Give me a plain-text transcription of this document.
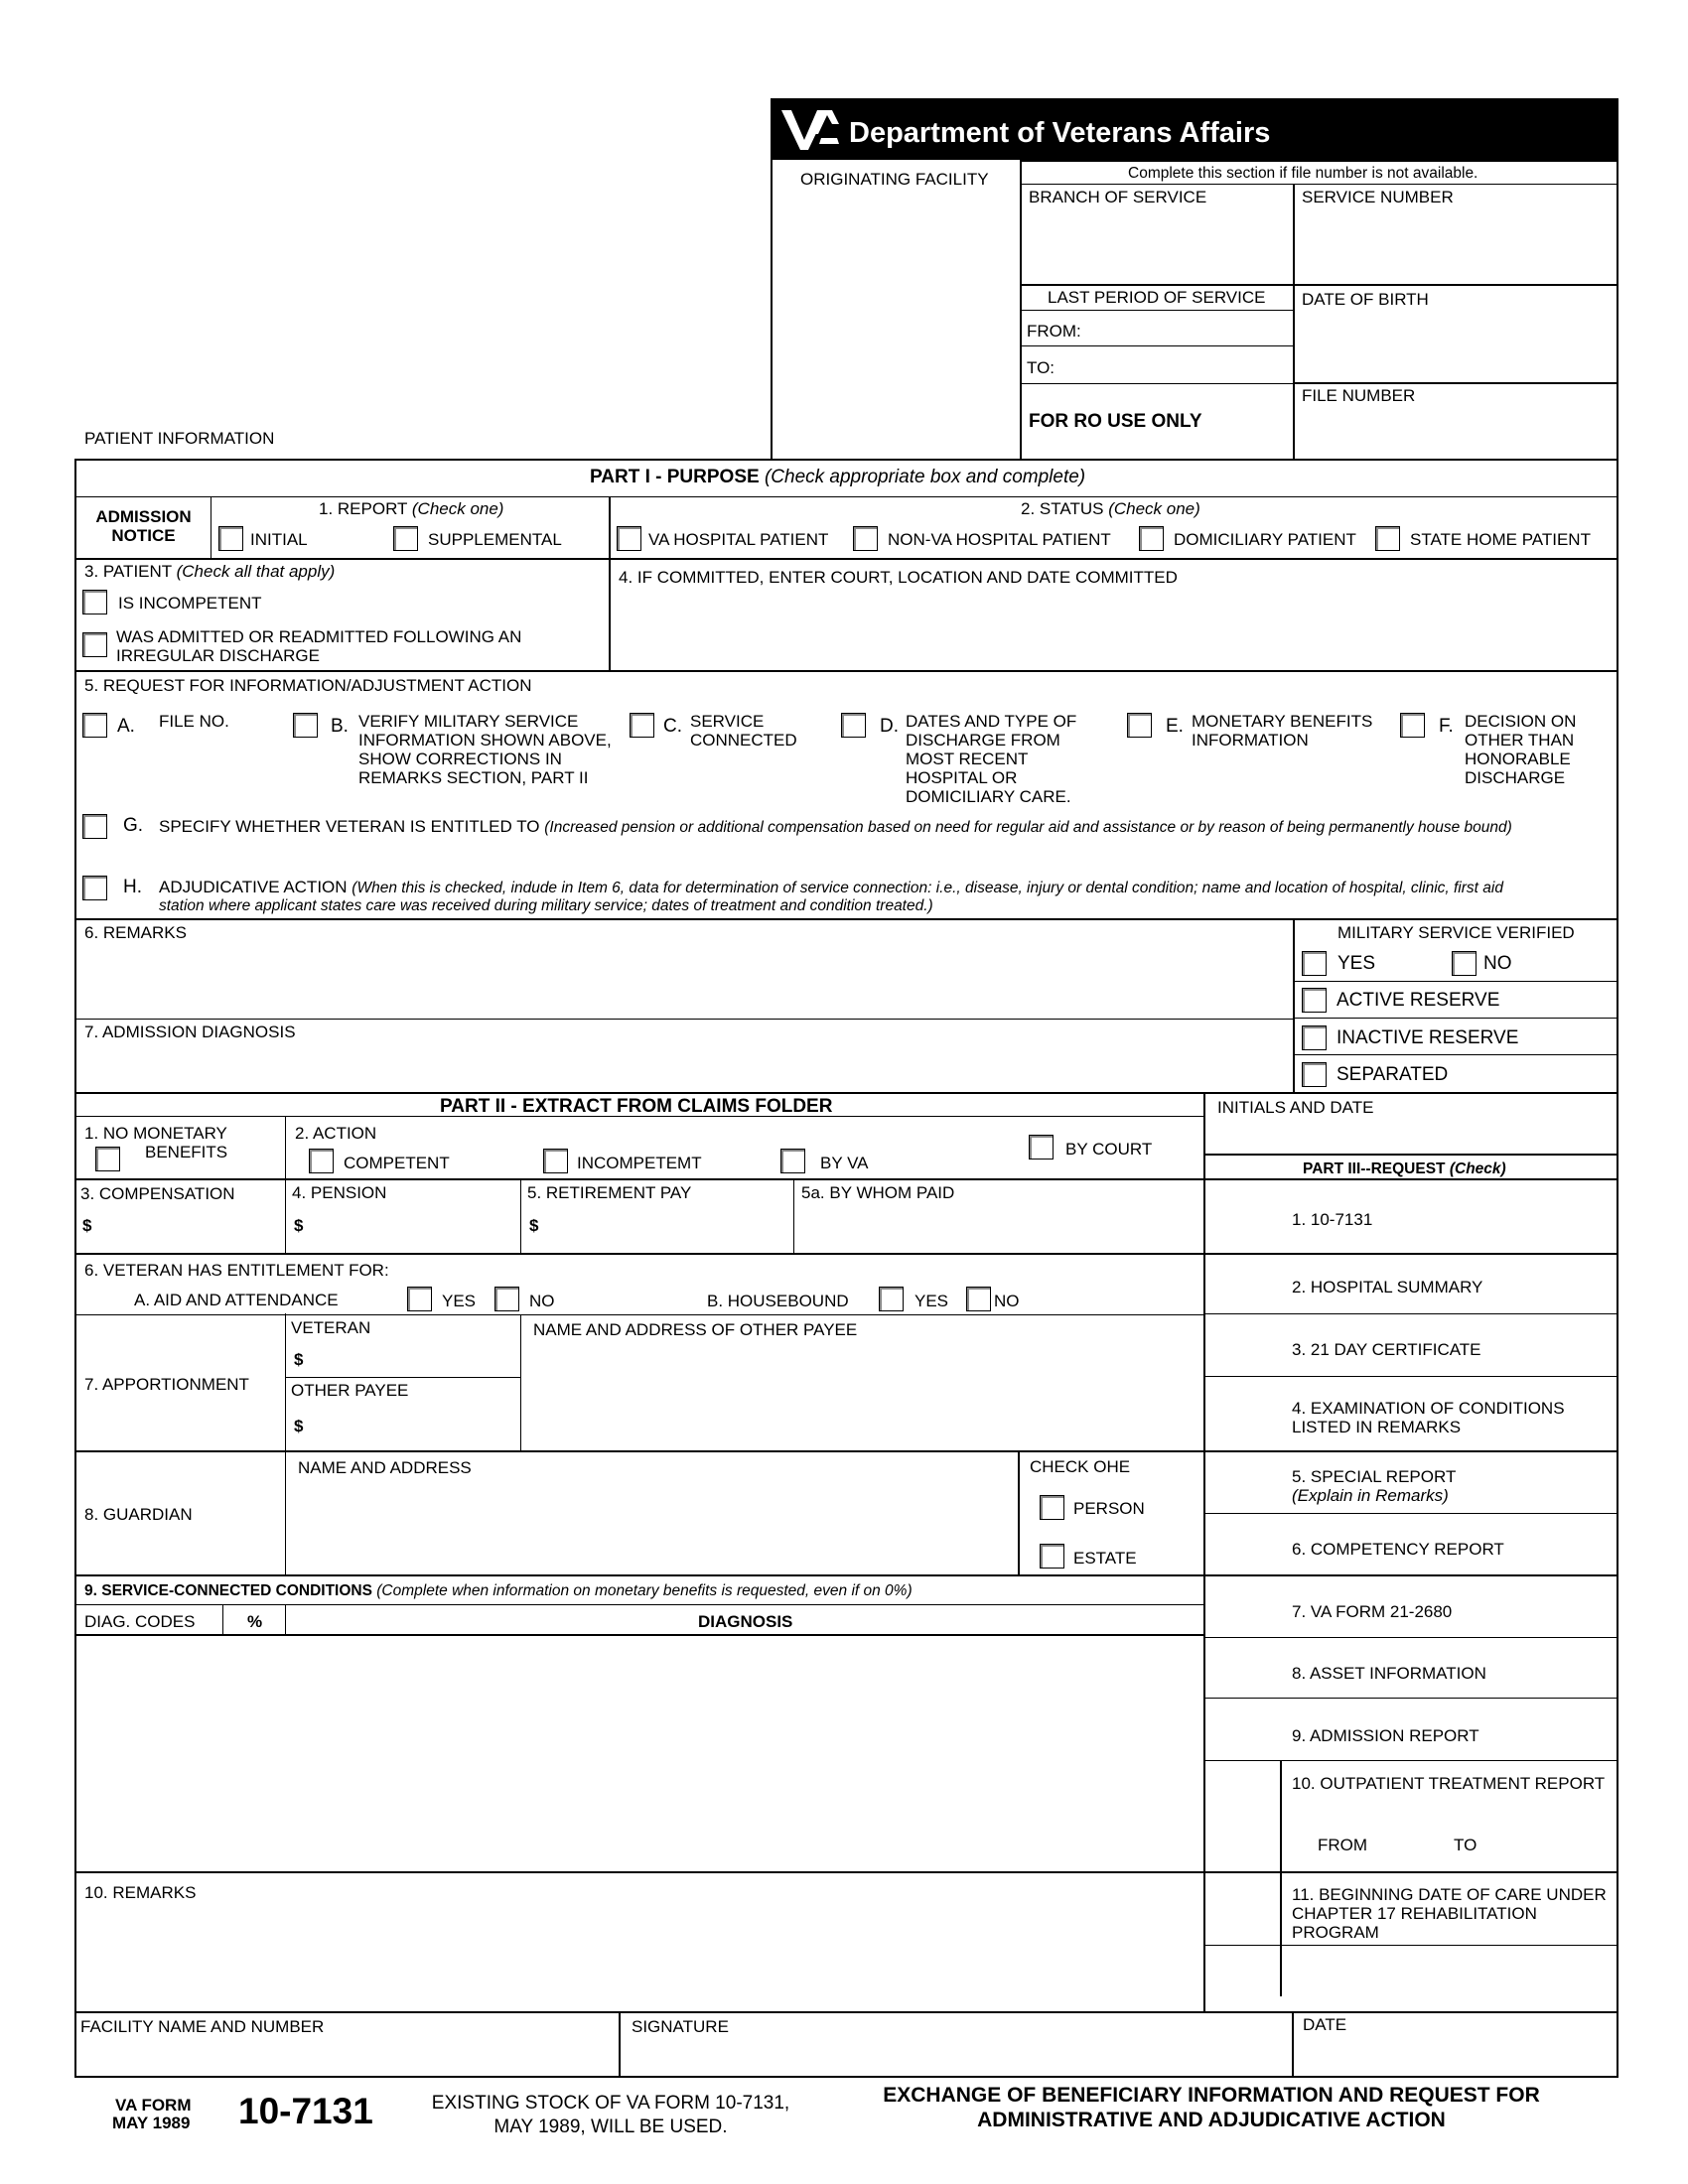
Department of Veterans Affairs
ORIGINATING FACILITY	Complete this section if file number is not available.
BRANCH OF SERVICE	SERVICE NUMBER
LAST PERIOD OF SERVICE DATE OF BIRTH
FROM:
TO:
FILE NUMBER
FOR RO USE ONLY
PATIENT INFORMATION
PART I - PURPOSE (Check appropriate box and complete)
ADMISSION NOTICE
1. REPORT (Check one)
INITIAL	SUPPLEMENTAL
2. STATUS (Check one)
VA HOSPITAL PATIENT	NON-VA HOSPITAL PATIENT	DOMICILIARY PATIENT	STATE HOME PATIENT
3. PATIENT (Check all that apply)
IS INCOMPETENT
WAS ADMITTED OR READMITTED FOLLOWING AN IRREGULAR DISCHARGE
4. IF COMMITTED, ENTER COURT, LOCATION AND DATE COMMITTED
5. REQUEST FOR INFORMATION/ADJUSTMENT ACTION
A. FILE NO.	B. VERIFY MILITARY SERVICE INFORMATION SHOWN ABOVE, SHOW CORRECTIONS IN REMARKS SECTION, PART II
C. SERVICE CONNECTED
D. DATES AND TYPE OF DISCHARGE FROM MOST RECENT HOSPITAL OR DOMICILIARY CARE.
E. MONETARY BENEFITS INFORMATION
F. DECISION ON OTHER THAN HONORABLE DISCHARGE
G. SPECIFY WHETHER VETERAN IS ENTITLED TO (Increased pension or additional compensation based on need for regular aid and assistance or by reason of being permanently house bound)
H. ADJUDICATIVE ACTION (When this is checked, indude in Item 6, data for determination of service connection: i.e., disease, injury or dental condition; name and location of hospital, clinic, first aid
station where applicant states care was received during military service; dates of treatment and condition treated.)
6. REMARKS
7. ADMISSION DIAGNOSIS
MILITARY SERVICE VERIFIED
YES	NO
ACTIVE RESERVE
INACTIVE RESERVE
SEPARATED
PART II - EXTRACT FROM CLAIMS FOLDER	INITIALS AND DATE
PART III--REQUEST (Check)
1. NO MONETARY
BENEFITS
2. ACTION
COMPETENT	INCOMPETEMT	BY VA
BY COURT
3. COMPENSATION
$
4. PENSION
$
5. RETIREMENT PAY
$
5a. BY WHOM PAID
6. VETERAN HAS ENTITLEMENT FOR:
A. AID AND ATTENDANCE	YES	NO	B. HOUSEBOUND	YES	NO
VETERAN
$
7. APPORTIONMENT OTHER PAYEE
$
NAME AND ADDRESS OF OTHER PAYEE
NAME AND ADDRESS	CHECK OHE
PERSON
ESTATE
8. GUARDIAN
9. SERVICE-CONNECTED CONDITIONS (Complete when information on monetary benefits is requested, even if on 0%)
DIAG. CODES	%	DIAGNOSIS
10. REMARKS
1. 10-7131
2. HOSPITAL SUMMARY
3. 21 DAY CERTIFICATE
4. EXAMINATION OF CONDITIONS LISTED IN REMARKS
5. SPECIAL REPORT
(Explain in Remarks)
6. COMPETENCY REPORT
7. VA FORM 21-2680
8. ASSET INFORMATION
9. ADMISSION REPORT
10. OUTPATIENT TREATMENT REPORT
FROM	TO
11. BEGINNING DATE OF CARE UNDER CHAPTER 17 REHABILITATION PROGRAM
FACILITY NAME AND NUMBER	SIGNATURE	DATE
VA FORM
MAY 1989 10-7131	EXISTING STOCK OF VA FORM 10-7131,
MAY 1989, WILL BE USED.
EXCHANGE OF BENEFICIARY INFORMATION AND REQUEST FOR
ADMINISTRATIVE AND ADJUDICATIVE ACTION
